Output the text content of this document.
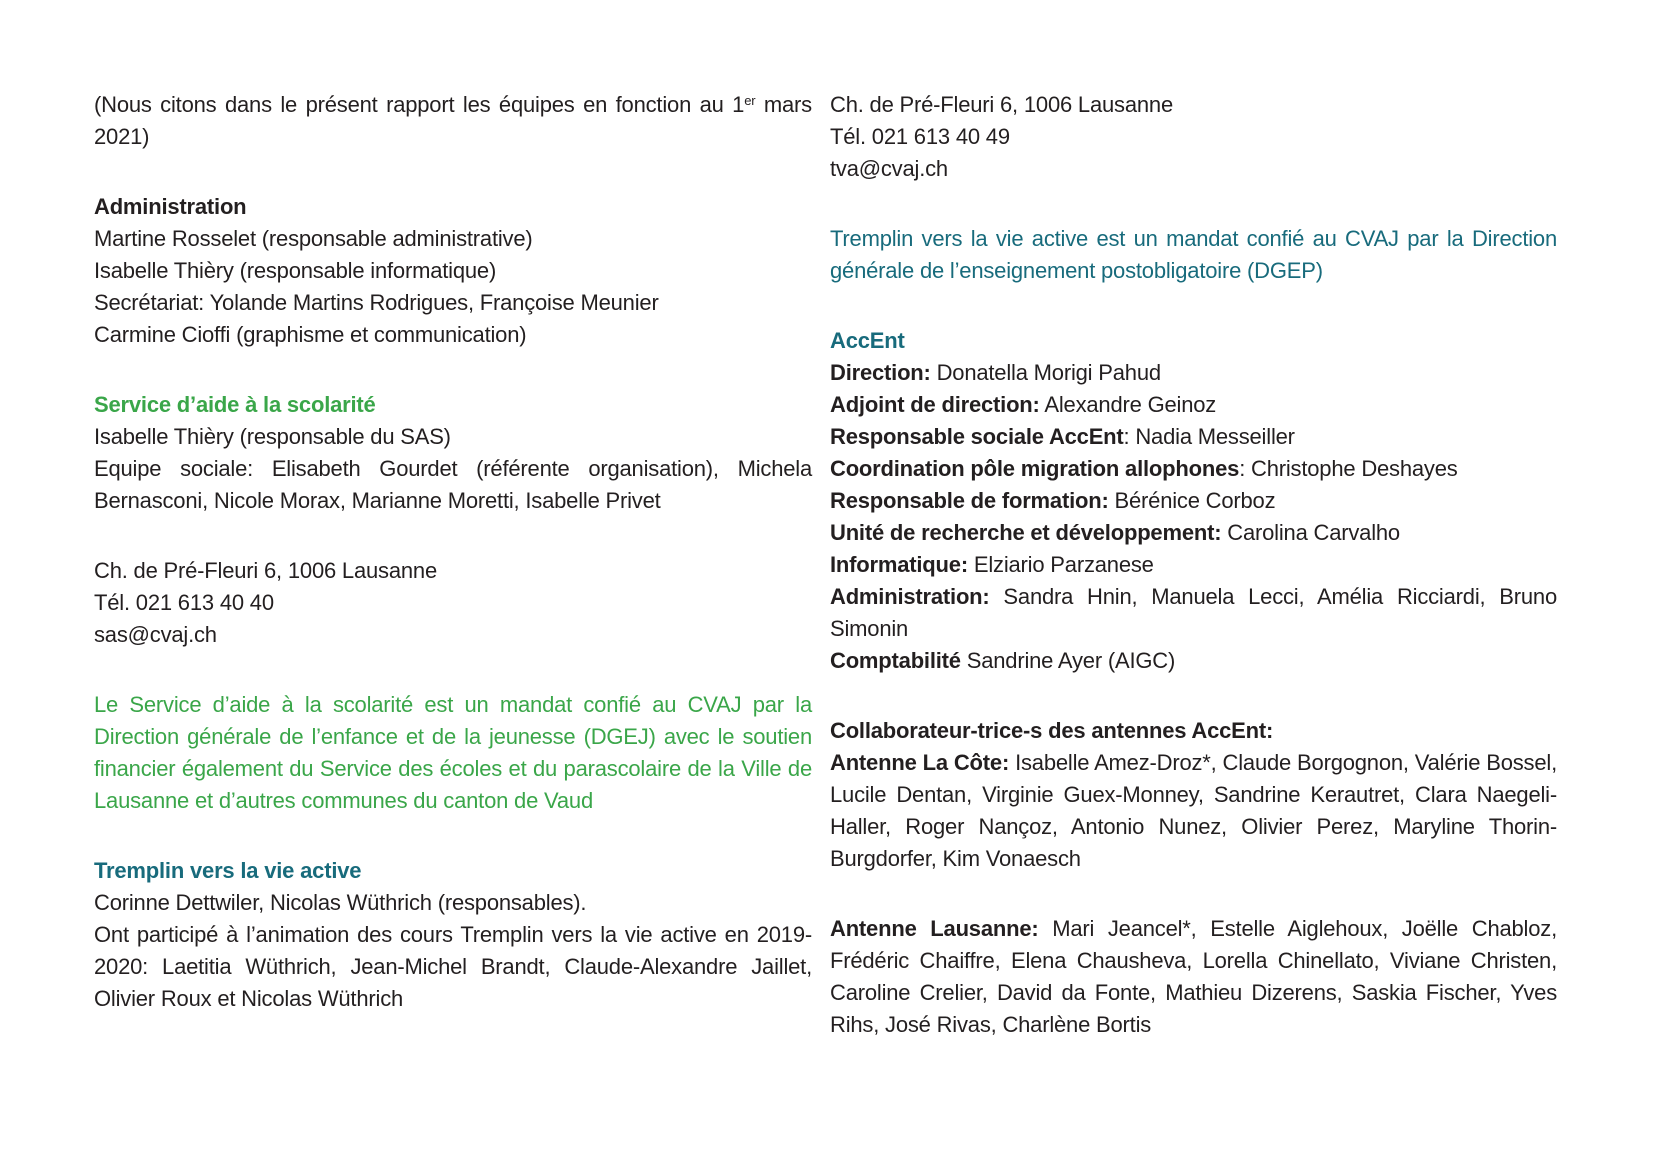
(Nous citons dans le présent rapport les équipes en fonction au 1er mars 2021)

Administration

Martine Rosselet (responsable administrative)

Isabelle Thièry (responsable informatique)

Secrétariat: Yolande Martins Rodrigues, Françoise Meunier

Carmine Cioffi (graphisme et communication)

Service d’aide à la scolarité

Isabelle Thièry (responsable du SAS)

Equipe sociale: Elisabeth Gourdet (référente organisation), Michela Bernasconi, Nicole Morax, Marianne Moretti, Isabelle Privet

Ch. de Pré-Fleuri 6, 1006 Lausanne

Tél. 021 613 40 40

sas@cvaj.ch

Le Service d’aide à la scolarité est un mandat confié au CVAJ par la Direction générale de l’enfance et de la jeunesse (DGEJ) avec le soutien financier également du Service des écoles et du parascolaire de la Ville de Lausanne et d’autres communes du canton de Vaud

Tremplin vers la vie active

Corinne Dettwiler, Nicolas Wüthrich (responsables).

Ont participé à l’animation des cours Tremplin vers la vie active en 2019-2020: Laetitia Wüthrich, Jean-Michel Brandt, Claude-Alexandre Jaillet, Olivier Roux et Nicolas Wüthrich

Ch. de Pré-Fleuri 6, 1006 Lausanne

Tél. 021 613 40 49

tva@cvaj.ch

Tremplin vers la vie active est un mandat confié au CVAJ par la Direction générale de l’enseignement postobligatoire (DGEP)

AccEnt

Direction: Donatella Morigi Pahud

Adjoint de direction: Alexandre Geinoz

Responsable sociale AccEnt: Nadia Messeiller

Coordination pôle migration allophones: Christophe Deshayes

Responsable de formation: Bérénice Corboz

Unité de recherche et développement: Carolina Carvalho

Informatique: Elziario Parzanese

Administration: Sandra Hnin, Manuela Lecci, Amélia Ricciardi, Bruno Simonin

Comptabilité Sandrine Ayer (AIGC)

Collaborateur-trice-s des antennes AccEnt:

Antenne La Côte: Isabelle Amez-Droz*, Claude Borgognon, Valérie Bossel, Lucile Dentan, Virginie Guex-Monney, Sandrine Kerautret, Clara Naegeli-Haller, Roger Nançoz, Antonio Nunez, Olivier Perez, Maryline Thorin-Burgdorfer, Kim Vonaesch

Antenne Lausanne: Mari Jeancel*, Estelle Aiglehoux, Joëlle Chabloz, Frédéric Chaiffre, Elena Chausheva, Lorella Chinellato, Viviane Christen, Caroline Crelier, David da Fonte, Mathieu Dizerens, Saskia Fischer, Yves Rihs, José Rivas, Charlène Bortis
